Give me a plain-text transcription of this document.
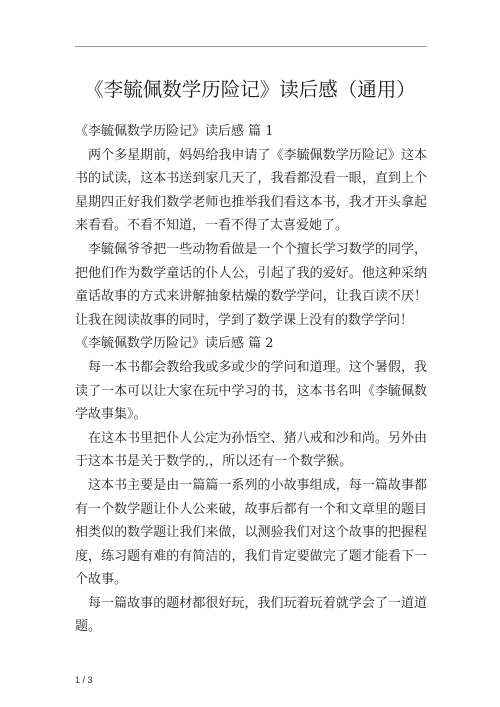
《李毓佩数学历险记》读后感（通用）

《李毓佩数学历险记》读后感 篇 1

两个多星期前，妈妈给我申请了《李毓佩数学历险记》这本书的试读，这本书送到家几天了，我看都没看一眼，直到上个星期四正好我们数学老师也推举我们看这本书，我才开头拿起来看看。不看不知道，一看不得了太喜爱她了。

李毓佩爷爷把一些动物看做是一个个擅长学习数学的同学，把他们作为数学童话的仆人公，引起了我的爱好。他这种采纳童话故事的方式来讲解抽象枯燥的数学学问，让我百读不厌！让我在阅读故事的同时，学到了数学课上没有的数学学问！

《李毓佩数学历险记》读后感 篇 2

每一本书都会教给我或多或少的学问和道理。这个暑假，我读了一本可以让大家在玩中学习的书，这本书名叫《李毓佩数学故事集》。

在这本书里把仆人公定为孙悟空、猪八戒和沙和尚。另外由于这本书是关于数学的,，所以还有一个数学猴。

这本书主要是由一篇篇一系列的小故事组成，每一篇故事都有一个数学题让仆人公来破，故事后都有一个和文章里的题目相类似的数学题让我们来做，以测验我们对这个故事的把握程度，练习题有难的有简洁的，我们肯定要做完了题才能看下一个故事。

每一篇故事的题材都很好玩，我们玩着玩着就学会了一道道题。

1 / 3
